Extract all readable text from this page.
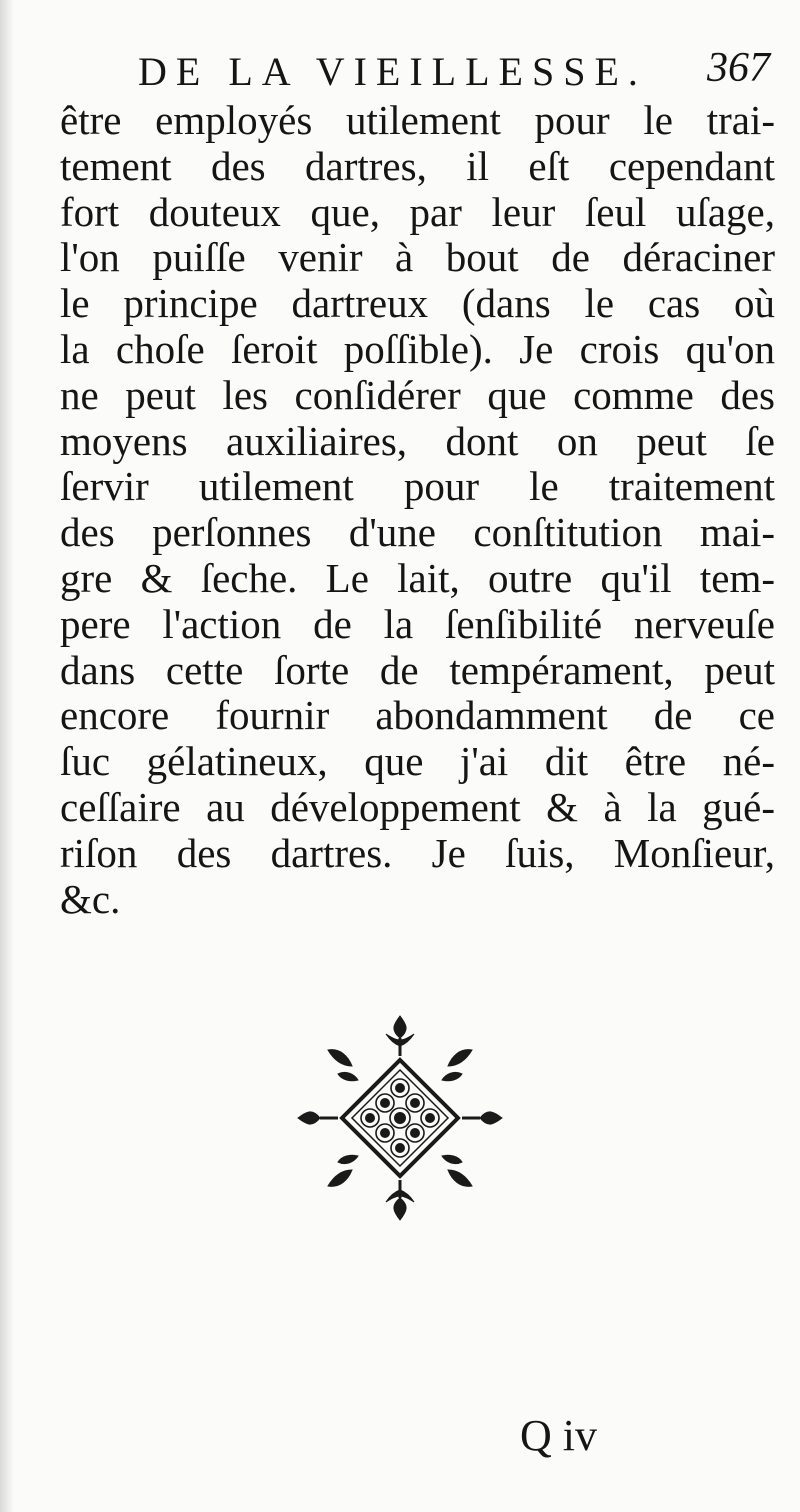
DE LA VIEILLESSE. 367
être employés utilement pour le trai-
tement des dartres, il eſt cependant
fort douteux que, par leur ſeul uſage,
l'on puiſſe venir à bout de déraciner
le principe dartreux (dans le cas où
la choſe ſeroit poſſible). Je crois qu'on
ne peut les conſidérer que comme des
moyens auxiliaires, dont on peut ſe
ſervir utilement pour le traitement
des perſonnes d'une conſtitution mai-
gre & ſeche. Le lait, outre qu'il tem-
pere l'action de la ſenſibilité nerveuſe
dans cette ſorte de tempérament, peut
encore fournir abondamment de ce
ſuc gélatineux, que j'ai dit être né-
ceſſaire au développement & à la gué-
riſon des dartres. Je ſuis, Monſieur,
&c.
Q iv
